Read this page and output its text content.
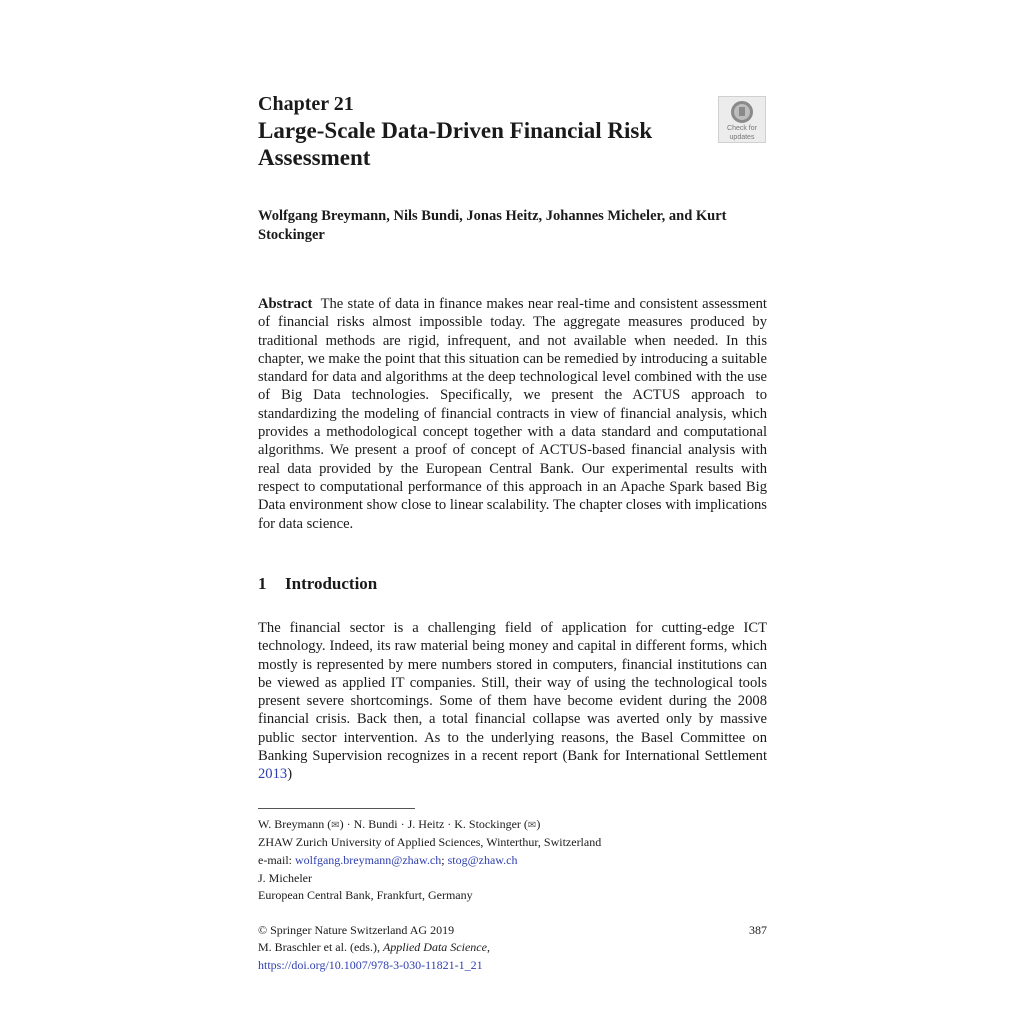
Chapter 21
Large-Scale Data-Driven Financial Risk Assessment
Check for
updates
Wolfgang Breymann, Nils Bundi, Jonas Heitz, Johannes Micheler, and Kurt Stockinger
Abstract The state of data in finance makes near real-time and consistent assessment of financial risks almost impossible today. The aggregate measures produced by traditional methods are rigid, infrequent, and not available when needed. In this chapter, we make the point that this situation can be remedied by introducing a suitable standard for data and algorithms at the deep technological level combined with the use of Big Data technologies. Specifically, we present the ACTUS approach to standardizing the modeling of financial contracts in view of financial analysis, which provides a methodological concept together with a data standard and computational algorithms. We present a proof of concept of ACTUS-based financial analysis with real data provided by the European Central Bank. Our experimental results with respect to computational performance of this approach in an Apache Spark based Big Data environment show close to linear scalability. The chapter closes with implications for data science.
1 Introduction
The financial sector is a challenging field of application for cutting-edge ICT technology. Indeed, its raw material being money and capital in different forms, which mostly is represented by mere numbers stored in computers, financial institutions can be viewed as applied IT companies. Still, their way of using the technological tools present severe shortcomings. Some of them have become evident during the 2008 financial crisis. Back then, a total financial collapse was averted only by massive public sector intervention. As to the underlying reasons, the Basel Committee on Banking Supervision recognizes in a recent report (Bank for International Settlement 2013)
W. Breymann (✉) · N. Bundi · J. Heitz · K. Stockinger (✉)
ZHAW Zurich University of Applied Sciences, Winterthur, Switzerland
e-mail: wolfgang.breymann@zhaw.ch; stog@zhaw.ch
J. Micheler
European Central Bank, Frankfurt, Germany
© Springer Nature Switzerland AG 2019
M. Braschler et al. (eds.), Applied Data Science,
https://doi.org/10.1007/978-3-030-11821-1_21
387
